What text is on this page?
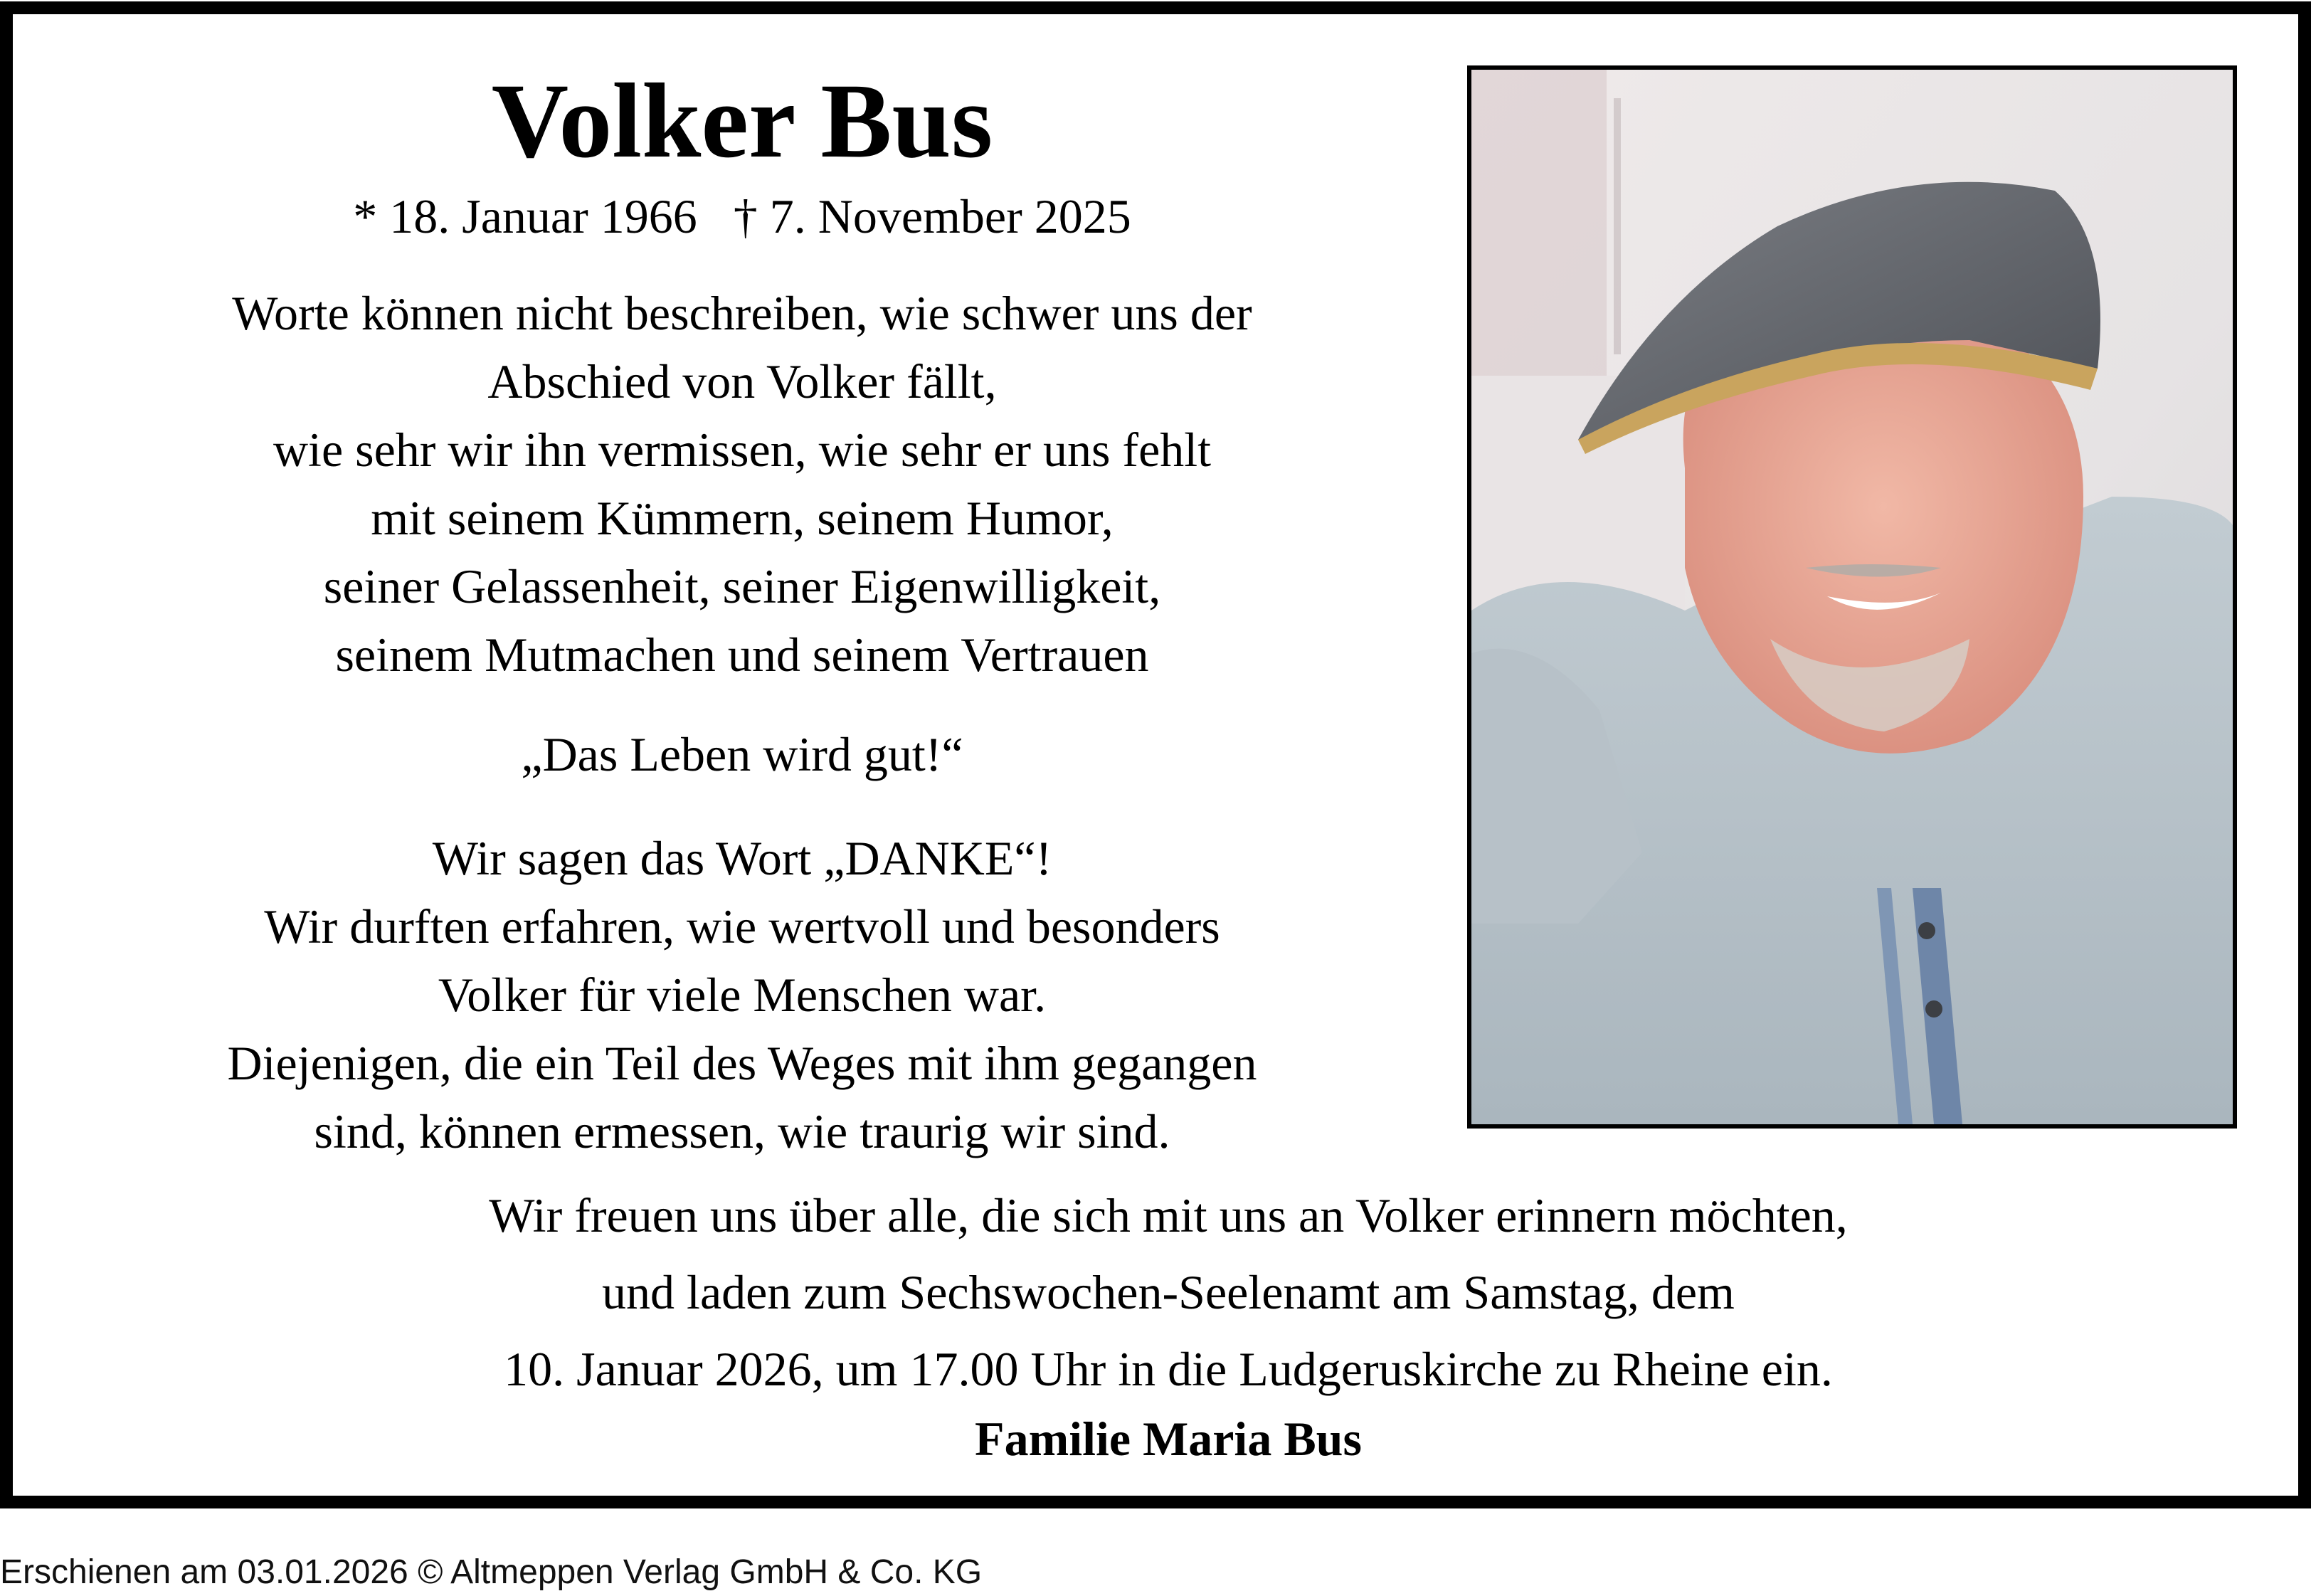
Volker Bus
* 18. Januar 1966   † 7. November 2025
Worte können nicht beschreiben, wie schwer uns der
Abschied von Volker fällt,
wie sehr wir ihn vermissen, wie sehr er uns fehlt
mit seinem Kümmern, seinem Humor,
seiner Gelassenheit, seiner Eigenwilligkeit,
seinem Mutmachen und seinem Vertrauen
„Das Leben wird gut!“
Wir sagen das Wort „DANKE“!
Wir durften erfahren, wie wertvoll und besonders
Volker für viele Menschen war.
Diejenigen, die ein Teil des Weges mit ihm gegangen
sind, können ermessen, wie traurig wir sind.
Wir freuen uns über alle, die sich mit uns an Volker erinnern möchten,
und laden zum Sechswochen-Seelenamt am Samstag, dem
10. Januar 2026, um 17.00 Uhr in die Ludgeruskirche zu Rheine ein.
Familie Maria Bus
Erschienen am 03.01.2026 © Altmeppen Verlag GmbH & Co. KG
